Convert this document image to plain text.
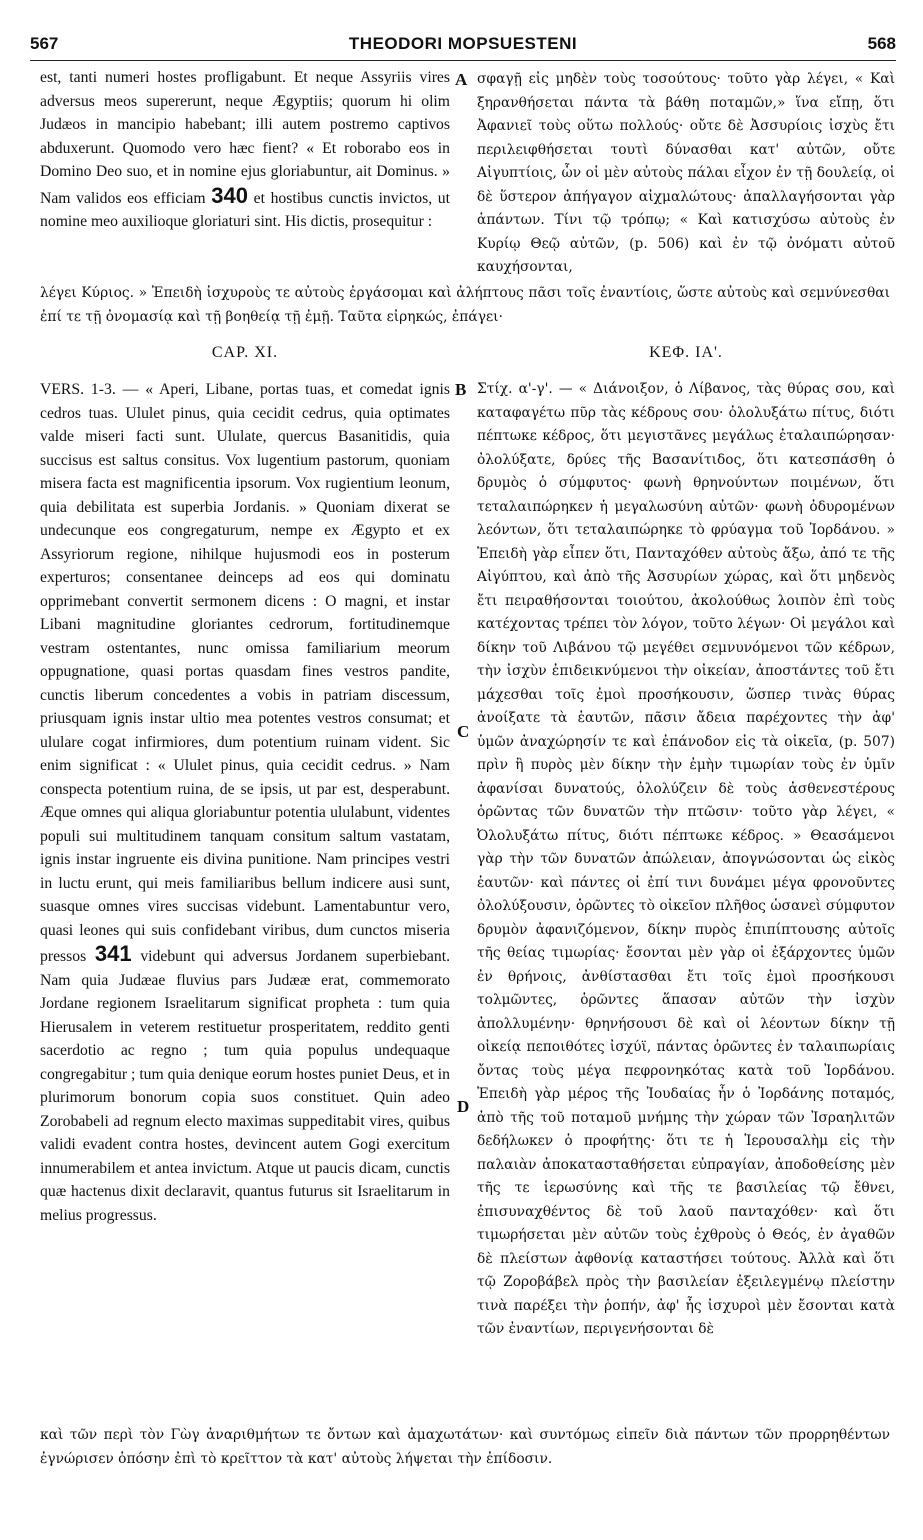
567	THEODORI MOPSUESTENI	568
A
B
C
D

est, tanti numeri hostes profligabunt. Et neque Assyriis vires adversus meos supererunt, neque Ægyptiis; quorum hi olim Judæos in mancipio habebant; illi autem postremo captivos abduxerunt. Quomodo vero hæc fient? « Et roborabo eos in Domino Deo suo, et in nomine ejus gloriabuntur, ait Dominus. » Nam validos eos efficiam 340 et hostibus cunctis invictos, ut nomine meo auxilioque gloriaturi sint. His dictis, prosequitur :

σφαγῇ εἰς μηδὲν τοὺς τοσούτους· τοῦτο γὰρ λέγει, « Καὶ ξηρανθήσεται πάντα τὰ βάθη ποταμῶν,» ἵνα εἴπῃ, ὅτι Ἀφανιεῖ τοὺς οὕτω πολλούς· οὔτε δὲ Ἀσσυρίοις ἰσχὺς ἔτι περιλειφθήσεται τουτὶ δύνασθαι κατ' αὐτῶν, οὔτε Αἰγυπτίοις, ὧν οἱ μὲν αὐτοὺς πάλαι εἶχον ἐν τῇ δουλείᾳ, οἱ δὲ ὕστερον ἀπήγαγον αἰχμαλώτους· ἀπαλλαγήσονται γὰρ ἁπάντων. Τίνι τῷ τρόπῳ; « Καὶ κατισχύσω αὐτοὺς ἐν Κυρίῳ Θεῷ αὐτῶν, (p. 506) καὶ ἐν τῷ ὀνόματι αὐτοῦ καυχήσονται,

λέγει Κύριος. » Ἐπειδὴ ἰσχυροὺς τε αὐτοὺς ἐργάσομαι καὶ ἀλήπτους πᾶσι τοῖς ἐναντίοις, ὥστε αὐτοὺς καὶ σεμνύνεσθαι ἐπί τε τῇ ὀνομασίᾳ καὶ τῇ βοηθείᾳ τῇ ἐμῇ. Ταῦτα εἰρηκώς, ἐπάγει·

CAP. XI.	ΚΕΦ. ΙΑ'.

VERS. 1-3. — « Aperi, Libane, portas tuas, et comedat ignis cedros tuas. Ululet pinus, quia cecidit cedrus, quia optimates valde miseri facti sunt. Ululate, quercus Basanitidis, quia succisus est saltus consitus. Vox lugentium pastorum, quoniam misera facta est magnificentia ipsorum. Vox rugientium leonum, quia debilitata est superbia Jordanis. » Quoniam dixerat se undecunque eos congregaturum, nempe ex Ægypto et ex Assyriorum regione, nihilque hujusmodi eos in posterum experturos; consentanee deinceps ad eos qui dominatu opprimebant convertit sermonem dicens : O magni, et instar Libani magnitudine gloriantes cedrorum, fortitudinemque vestram ostentantes, nunc omissa familiarium meorum oppugnatione, quasi portas quasdam fines vestros pandite, cunctis liberum concedentes a vobis in patriam discessum, priusquam ignis instar ultio mea potentes vestros consumat; et ululare cogat infirmiores, dum potentium ruinam vident. Sic enim significat : « Ululet pinus, quia cecidit cedrus. » Nam conspecta potentium ruina, de se ipsis, ut par est, desperabunt. Æque omnes qui aliqua gloriabuntur potentia ululabunt, videntes populi sui multitudinem tanquam consitum saltum vastatam, ignis instar ingruente eis divina punitione. Nam principes vestri in luctu erunt, qui meis familiaribus bellum indicere ausi sunt, suasque omnes vires succisas videbunt. Lamentabuntur vero, quasi leones qui suis confidebant viribus, dum cunctos miseria pressos 341 videbunt qui adversus Jordanem superbiebant. Nam quia Judæae fluvius pars Judææ erat, commemorato Jordane regionem Israelitarum significat propheta : tum quia Hierusalem in veterem restituetur prosperitatem, reddito genti sacerdotio ac regno ; tum quia populus undequaque congregabitur ; tum quia denique eorum hostes puniet Deus, et in plurimorum bonorum copia suos constituet. Quin adeo Zorobabeli ad regnum electo maximas suppeditabit vires, quibus validi evadent contra hostes, devincent autem Gogi exercitum innumerabilem et antea invictum. Atque ut paucis dicam, cunctis quæ hactenus dixit declaravit, quantus futurus sit Israelitarum in melius progressus.

Στίχ. α'-γ'. — « Διάνοιξον, ὁ Λίβανος, τὰς θύρας σου, καὶ καταφαγέτω πῦρ τὰς κέδρους σου· ὀλολυξάτω πίτυς, διότι πέπτωκε κέδρος, ὅτι μεγιστᾶνες μεγάλως ἐταλαιπώρησαν· ὀλολύξατε, δρύες τῆς Βασανίτιδος, ὅτι κατεσπάσθη ὁ δρυμὸς ὁ σύμφυτος· φωνὴ θρηνούντων ποιμένων, ὅτι τεταλαιπώρηκεν ἡ μεγαλωσύνη αὐτῶν· φωνὴ ὀδυρομένων λεόντων, ὅτι τεταλαιπώρηκε τὸ φρύαγμα τοῦ Ἰορδάνου. » Ἐπειδὴ γὰρ εἶπεν ὅτι, Πανταχόθεν αὐτοὺς ἄξω, ἀπό τε τῆς Αἰγύπτου, καὶ ἀπὸ τῆς Ἀσσυρίων χώρας, καὶ ὅτι μηδενὸς ἔτι πειραθήσονται τοιούτου, ἀκολούθως λοιπὸν ἐπὶ τοὺς κατέχοντας τρέπει τὸν λόγον, τοῦτο λέγων· Οἱ μεγάλοι καὶ δίκην τοῦ Λιβάνου τῷ μεγέθει σεμνυνόμενοι τῶν κέδρων, τὴν ἰσχὺν ἐπιδεικνύμενοι τὴν οἰκείαν, ἀποστάντες τοῦ ἔτι μάχεσθαι τοῖς ἐμοὶ προσήκουσιν, ὥσπερ τινὰς θύρας ἀνοίξατε τὰ ἑαυτῶν, πᾶσιν ἄδεια παρέχοντες τὴν ἀφ' ὑμῶν ἀναχώρησίν τε καὶ ἐπάνοδον εἰς τὰ οἰκεῖα, (p. 507) πρὶν ἢ πυρὸς μὲν δίκην τὴν ἐμὴν τιμωρίαν τοὺς ἐν ὑμῖν ἀφανίσαι δυνατούς, ὀλολύζειν δὲ τοὺς ἀσθενεστέρους ὁρῶντας τῶν δυνατῶν τὴν πτῶσιν· τοῦτο γὰρ λέγει, « Ὀλολυξάτω πίτυς, διότι πέπτωκε κέδρος. » Θεασάμενοι γὰρ τὴν τῶν δυνατῶν ἀπώλειαν, ἀπογνώσονται ὡς εἰκὸς ἑαυτῶν· καὶ πάντες οἱ ἐπί τινι δυνάμει μέγα φρονοῦντες ὀλολύξουσιν, ὁρῶντες τὸ οἰκεῖον πλῆθος ὡσανεὶ σύμφυτον δρυμὸν ἀφανιζόμενον, δίκην πυρὸς ἐπιπίπτουσης αὐτοῖς τῆς θείας τιμωρίας· ἔσονται μὲν γὰρ οἱ ἐξάρχοντες ὑμῶν ἐν θρήνοις, ἀνθίστασθαι ἔτι τοῖς ἐμοὶ προσήκουσι τολμῶντες, ὁρῶντες ἅπασαν αὐτῶν τὴν ἰσχὺν ἀπολλυμένην· θρηνήσουσι δὲ καὶ οἱ λέοντων δίκην τῇ οἰκείᾳ πεποιθότες ἰσχύϊ, πάντας ὁρῶντες ἐν ταλαιπωρίαις ὄντας τοὺς μέγα πεφρονηκότας κατὰ τοῦ Ἰορδάνου. Ἐπειδὴ γὰρ μέρος τῆς Ἰουδαίας ἦν ὁ Ἰορδάνης ποταμός, ἀπὸ τῆς τοῦ ποταμοῦ μνήμης τὴν χώραν τῶν Ἰσραηλιτῶν δεδήλωκεν ὁ προφήτης· ὅτι τε ἡ Ἱερουσαλὴμ εἰς τὴν παλαιὰν ἀποκατασταθήσεται εὐπραγίαν, ἀποδοθείσης μὲν τῆς τε ἱερωσύνης καὶ τῆς τε βασιλείας τῷ ἔθνει, ἐπισυναχθέντος δὲ τοῦ λαοῦ πανταχόθεν· καὶ ὅτι τιμωρήσεται μὲν αὐτῶν τοὺς ἐχθροὺς ὁ Θεός, ἐν ἀγαθῶν δὲ πλείστων ἀφθονίᾳ καταστήσει τούτους. Ἀλλὰ καὶ ὅτι τῷ Ζοροβάβελ πρὸς τὴν βασιλείαν ἐξειλεγμένῳ πλείστην τινὰ παρέξει τὴν ῥοπήν, ἀφ' ἧς ἰσχυροὶ μὲν ἔσονται κατὰ τῶν ἐναντίων, περιγενήσονται δὲ

καὶ τῶν περὶ τὸν Γὼγ ἀναριθμήτων τε ὄντων καὶ ἀμαχωτάτων· καὶ συντόμως εἰπεῖν διὰ πάντων τῶν προρρηθέντων ἐγνώρισεν ὁπόσην ἐπὶ τὸ κρεῖττον τὰ κατ' αὐτοὺς λήψεται τὴν ἐπίδοσιν.
